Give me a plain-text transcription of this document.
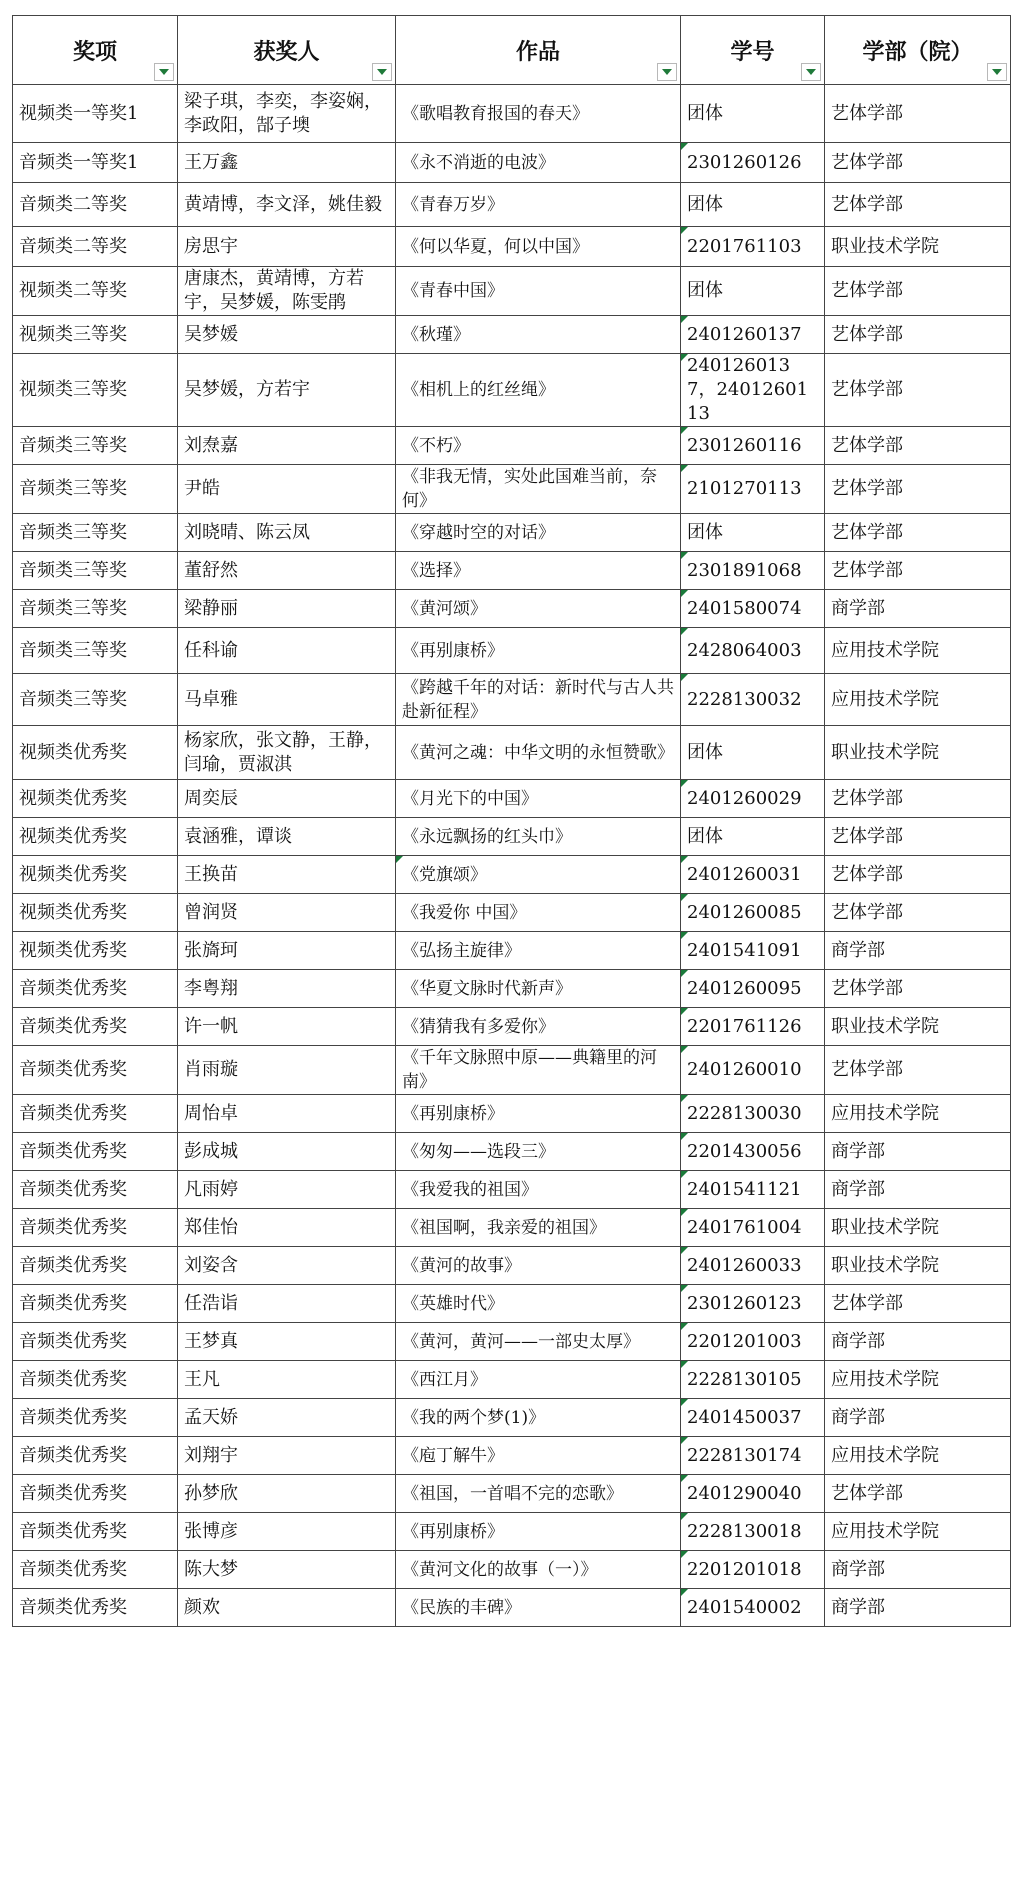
奖项	获奖人	作品	学号	学部（院）

视频类一等奖1	梁子琪，李奕，李姿娴，李政阳，郜子墺	《歌唱教育报国的春天》	团体	艺体学部
音频类一等奖1	王万鑫	《永不消逝的电波》	2301260126	艺体学部
音频类二等奖	黄靖博，李文泽，姚佳毅	《青春万岁》	团体	艺体学部
音频类二等奖	房思宇	《何以华夏，何以中国》	2201761103	职业技术学院
视频类二等奖	唐康杰，黄靖博，方若宇，吴梦媛，陈雯鹃	《青春中国》	团体	艺体学部
视频类三等奖	吴梦媛	《秋瑾》	2401260137	艺体学部
视频类三等奖	吴梦媛，方若宇	《相机上的红丝绳》	2401260137，2401260113	艺体学部
音频类三等奖	刘焘嘉	《不朽》	2301260116	艺体学部
音频类三等奖	尹皓	《非我无情，实处此国难当前，奈何》	2101270113	艺体学部
音频类三等奖	刘晓晴、陈云凤	《穿越时空的对话》	团体	艺体学部
音频类三等奖	董舒然	《选择》	2301891068	艺体学部
音频类三等奖	梁静丽	《黄河颂》	2401580074	商学部
音频类三等奖	任科谕	《再别康桥》	2428064003	应用技术学院
音频类三等奖	马卓雅	《跨越千年的对话：新时代与古人共赴新征程》	2228130032	应用技术学院
视频类优秀奖	杨家欣，张文静，王静，闫瑜，贾淑淇	《黄河之魂：中华文明的永恒赞歌》	团体	职业技术学院
视频类优秀奖	周奕辰	《月光下的中国》	2401260029	艺体学部
视频类优秀奖	袁涵雅，谭谈	《永远飘扬的红头巾》	团体	艺体学部
视频类优秀奖	王换苗	《党旗颂》	2401260031	艺体学部
视频类优秀奖	曾润贤	《我爱你 中国》	2401260085	艺体学部
视频类优秀奖	张旖珂	《弘扬主旋律》	2401541091	商学部
音频类优秀奖	李粤翔	《华夏文脉时代新声》	2401260095	艺体学部
音频类优秀奖	许一帆	《猜猜我有多爱你》	2201761126	职业技术学院
音频类优秀奖	肖雨璇	《千年文脉照中原——典籍里的河南》	2401260010	艺体学部
音频类优秀奖	周怡卓	《再别康桥》	2228130030	应用技术学院
音频类优秀奖	彭成城	《匆匆——选段三》	2201430056	商学部
音频类优秀奖	凡雨婷	《我爱我的祖国》	2401541121	商学部
音频类优秀奖	郑佳怡	《祖国啊，我亲爱的祖国》	2401761004	职业技术学院
音频类优秀奖	刘姿含	《黄河的故事》	2401260033	职业技术学院
音频类优秀奖	任浩诣	《英雄时代》	2301260123	艺体学部
音频类优秀奖	王梦真	《黄河，黄河——一部史太厚》	2201201003	商学部
音频类优秀奖	王凡	《西江月》	2228130105	应用技术学院
音频类优秀奖	孟天娇	《我的两个梦(1)》	2401450037	商学部
音频类优秀奖	刘翔宇	《庖丁解牛》	2228130174	应用技术学院
音频类优秀奖	孙梦欣	《祖国，一首唱不完的恋歌》	2401290040	艺体学部
音频类优秀奖	张博彦	《再别康桥》	2228130018	应用技术学院
音频类优秀奖	陈大梦	《黄河文化的故事（一）》	2201201018	商学部
音频类优秀奖	颜欢	《民族的丰碑》	2401540002	商学部
